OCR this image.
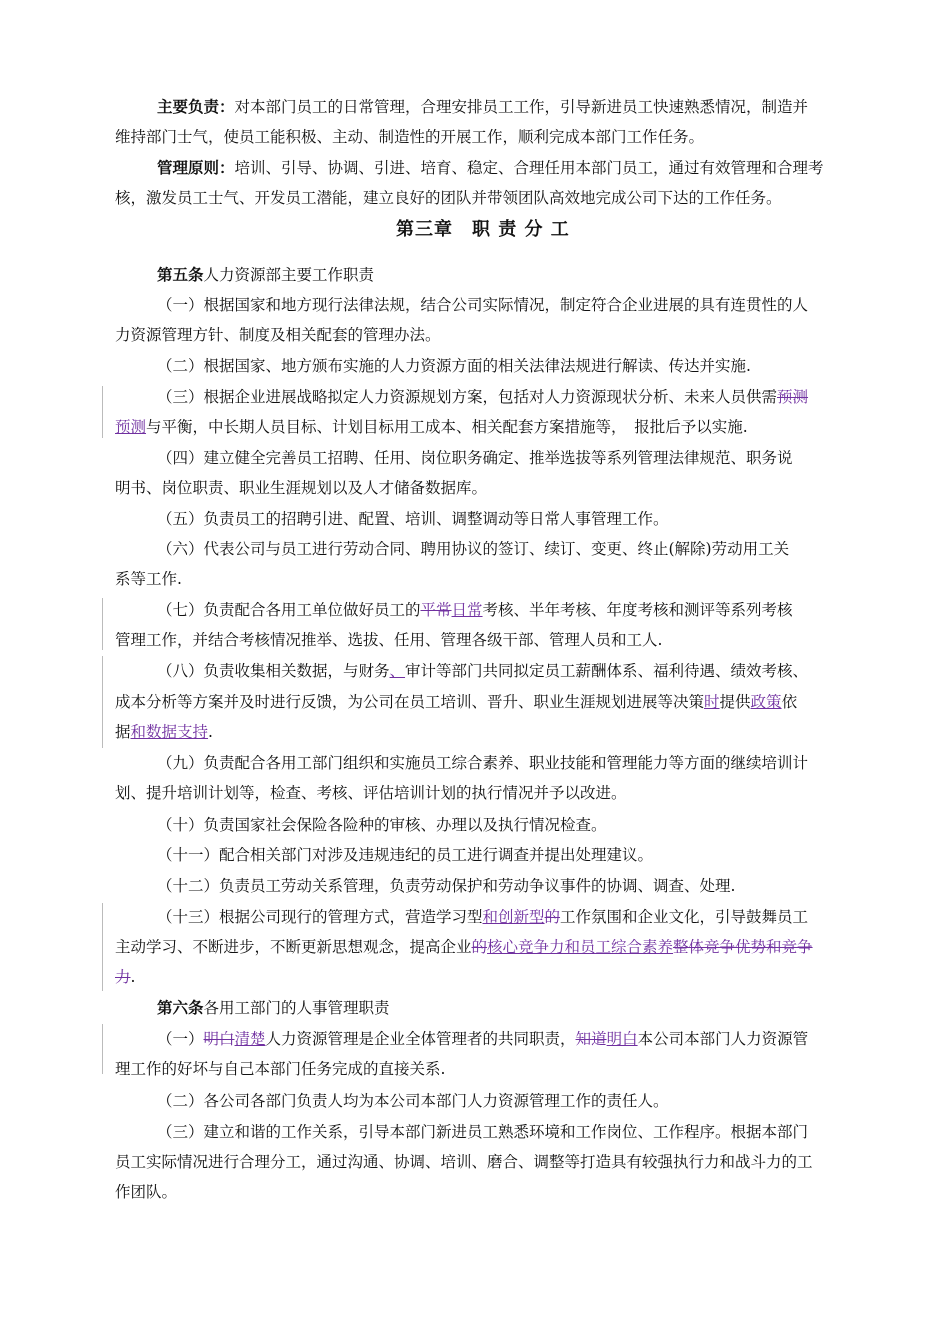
主要负责：对本部门员工的日常管理，合理安排员工工作，引导新进员工快速熟悉情况，制造并
维持部门士气，使员工能积极、主动、制造性的开展工作，顺利完成本部门工作任务。
管理原则：培训、引导、协调、引进、培育、稳定、合理任用本部门员工，通过有效管理和合理考
核，激发员工士气、开发员工潜能，建立良好的团队并带领团队高效地完成公司下达的工作任务。
第三章　职 责 分 工
第五条人力资源部主要工作职责
（一）根据国家和地方现行法律法规，结合公司实际情况，制定符合企业进展的具有连贯性的人
力资源管理方针、制度及相关配套的管理办法。
（二）根据国家、地方颁布实施的人力资源方面的相关法律法规进行解读、传达并实施.
（三）根据企业进展战略拟定人力资源规划方案，包括对人力资源现状分析、未来人员供需预测
预测与平衡，中长期人员目标、计划目标用工成本、相关配套方案措施等，　报批后予以实施.
（四）建立健全完善员工招聘、任用、岗位职务确定、推举选拔等系列管理法律规范、职务说
明书、岗位职责、职业生涯规划以及人才储备数据库。
（五）负责员工的招聘引进、配置、培训、调整调动等日常人事管理工作。
（六）代表公司与员工进行劳动合同、聘用协议的签订、续订、变更、终止(解除)劳动用工关
系等工作.
（七）负责配合各用工单位做好员工的平常日常考核、半年考核、年度考核和测评等系列考核
管理工作，并结合考核情况推举、选拔、任用、管理各级干部、管理人员和工人.
（八）负责收集相关数据，与财务、审计等部门共同拟定员工薪酬体系、福利待遇、绩效考核、
成本分析等方案并及时进行反馈，为公司在员工培训、晋升、职业生涯规划进展等决策时提供政策依
据和数据支持.
（九）负责配合各用工部门组织和实施员工综合素养、职业技能和管理能力等方面的继续培训计
划、提升培训计划等，检查、考核、评估培训计划的执行情况并予以改进。
（十）负责国家社会保险各险种的审核、办理以及执行情况检查。
（十一）配合相关部门对涉及违规违纪的员工进行调查并提出处理建议。
（十二）负责员工劳动关系管理，负责劳动保护和劳动争议事件的协调、调查、处理.
（十三）根据公司现行的管理方式，营造学习型和创新型的工作氛围和企业文化，引导鼓舞员工
主动学习、不断进步，不断更新思想观念，提高企业的核心竞争力和员工综合素养整体竞争优势和竞争
力.
第六条各用工部门的人事管理职责
（一）明白清楚人力资源管理是企业全体管理者的共同职责，知道明白本公司本部门人力资源管
理工作的好坏与自己本部门任务完成的直接关系.
（二）各公司各部门负责人均为本公司本部门人力资源管理工作的责任人。
（三）建立和谐的工作关系，引导本部门新进员工熟悉环境和工作岗位、工作程序。根据本部门
员工实际情况进行合理分工，通过沟通、协调、培训、磨合、调整等打造具有较强执行力和战斗力的工
作团队。
